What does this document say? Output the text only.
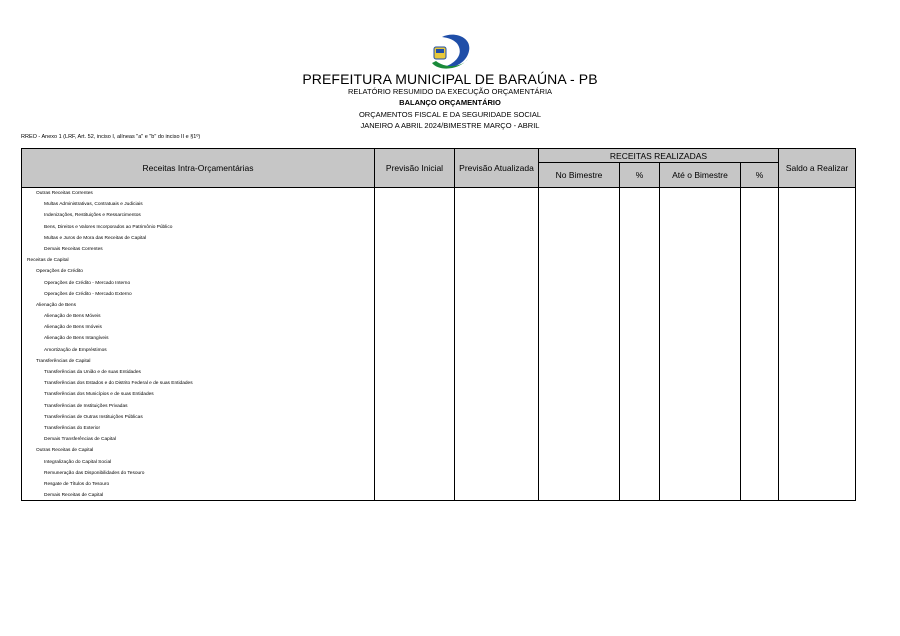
PREFEITURA MUNICIPAL DE BARAÚNA - PB
RELATÓRIO RESUMIDO DA EXECUÇÃO ORÇAMENTÁRIA
BALANÇO ORÇAMENTÁRIO
ORÇAMENTOS FISCAL E DA SEGURIDADE SOCIAL
JANEIRO A ABRIL 2024/BIMESTRE MARÇO - ABRIL
RREO - Anexo 1 (LRF, Art. 52, inciso I, alíneas "a" e "b" do inciso II e §1º)
Receitas Intra-Orçamentárias	Previsão Inicial	Previsão Atualizada
RECEITAS REALIZADAS
No Bimestre	%	Até o Bimestre	%
Saldo a Realizar
Outras Receitas Correntes
Multas Administrativas, Contratuais e Judiciais
Indenizações, Restituições e Ressarcimentos
Bens, Direitos e Valores Incorporados ao Patrimônio Público
Multas e Juros de Mora das Receitas de Capital
Demais Receitas Correntes
Receitas de Capital
Operações de Crédito
Operações de Crédito - Mercado Interno
Operações de Crédito - Mercado Externo
Alienação de Bens
Alienação de Bens Móveis
Alienação de Bens Imóveis
Alienação de Bens Intangíveis
Amortização de Empréstimos
Transferências de Capital
Transferências da União e de suas Entidades
Transferências dos Estados e do Distrito Federal e de suas Entidades
Transferências dos Municípios e de suas Entidades
Transferências de Instituições Privadas
Transferências de Outras Instituições Públicas
Transferências do Exterior
Demais Transferências de Capital
Outras Receitas de Capital
Integralização do Capital Social
Remuneração das Disponibilidades do Tesouro
Resgate de Títulos do Tesouro
Demais Receitas de Capital
